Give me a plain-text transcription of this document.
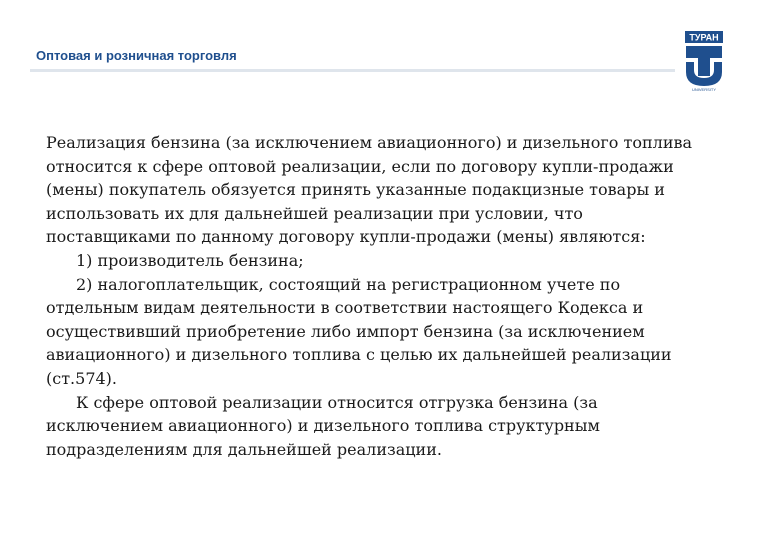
Оптовая и розничная торговля
ТУРАН
UNIVERSITY

Реализация бензина (за исключением авиационного) и дизельного топлива

относится к сфере оптовой реализации, если по договору купли-продажи

(мены) покупатель обязуется принять указанные подакцизные товары и

использовать их для дальнейшей реализации при условии, что

поставщиками по данному договору купли-продажи (мены) являются:

1) производитель бензина;

2) налогоплательщик, состоящий на регистрационном учете по

отдельным видам деятельности в соответствии настоящего Кодекса и

осуществивший приобретение либо импорт бензина (за исключением

авиационного) и дизельного топлива с целью их дальнейшей реализации

(ст.574).

К сфере оптовой реализации относится отгрузка бензина (за

исключением авиационного) и дизельного топлива структурным

подразделениям для дальнейшей реализации.
